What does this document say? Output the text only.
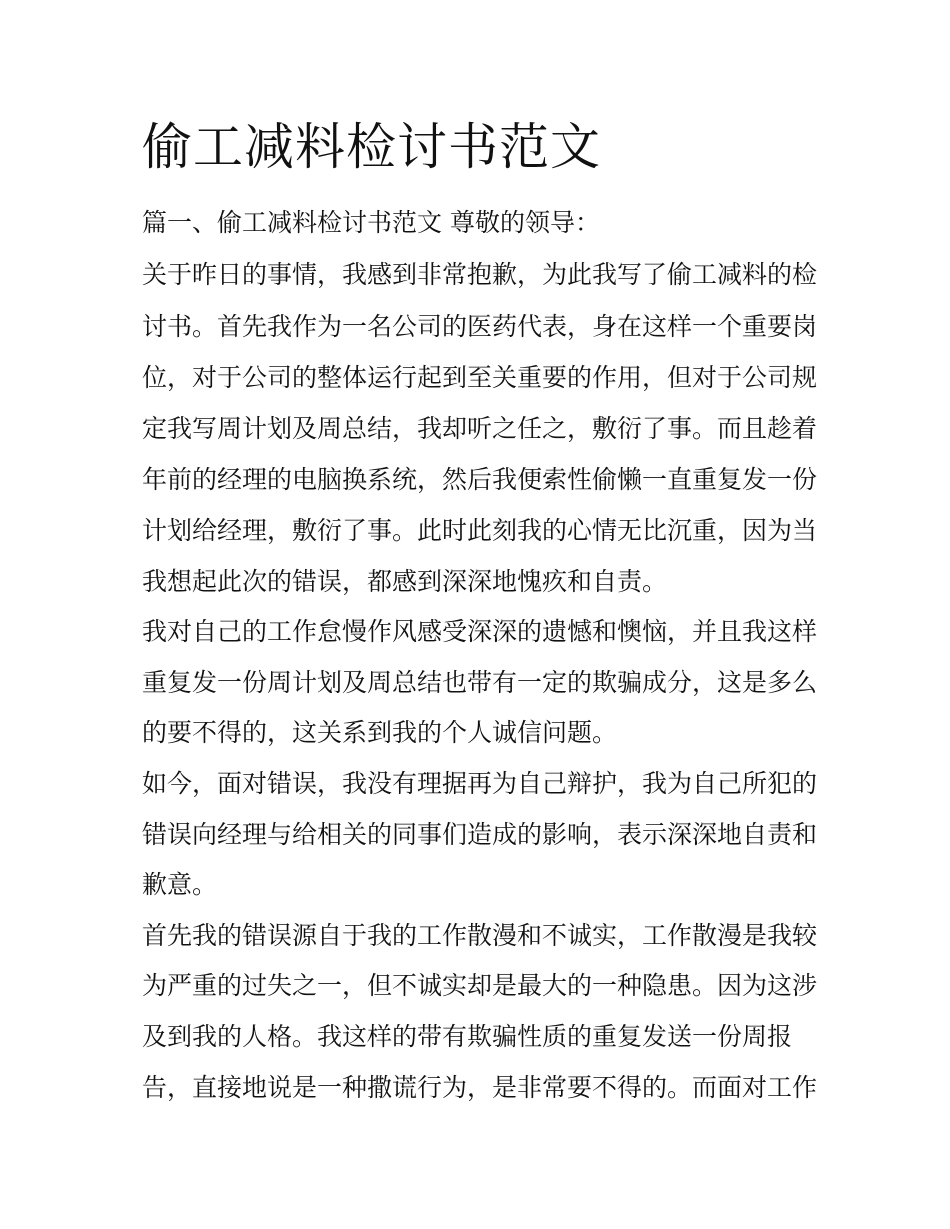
偷工减料检讨书范文
篇一、偷工减料检讨书范文 尊敬的领导：
关于昨日的事情，我感到非常抱歉，为此我写了偷工减料的检
讨书。首先我作为一名公司的医药代表，身在这样一个重要岗
位，对于公司的整体运行起到至关重要的作用，但对于公司规
定我写周计划及周总结，我却听之任之，敷衍了事。而且趁着
年前的经理的电脑换系统，然后我便索性偷懒一直重复发一份
计划给经理，敷衍了事。此时此刻我的心情无比沉重，因为当
我想起此次的错误，都感到深深地愧疚和自责。
我对自己的工作怠慢作风感受深深的遗憾和懊恼，并且我这样
重复发一份周计划及周总结也带有一定的欺骗成分，这是多么
的要不得的，这关系到我的个人诚信问题。
如今，面对错误，我没有理据再为自己辩护，我为自己所犯的
错误向经理与给相关的同事们造成的影响，表示深深地自责和
歉意。
首先我的错误源自于我的工作散漫和不诚实，工作散漫是我较
为严重的过失之一，但不诚实却是最大的一种隐患。因为这涉
及到我的人格。我这样的带有欺骗性质的重复发送一份周报
告，直接地说是一种撒谎行为，是非常要不得的。而面对工作
